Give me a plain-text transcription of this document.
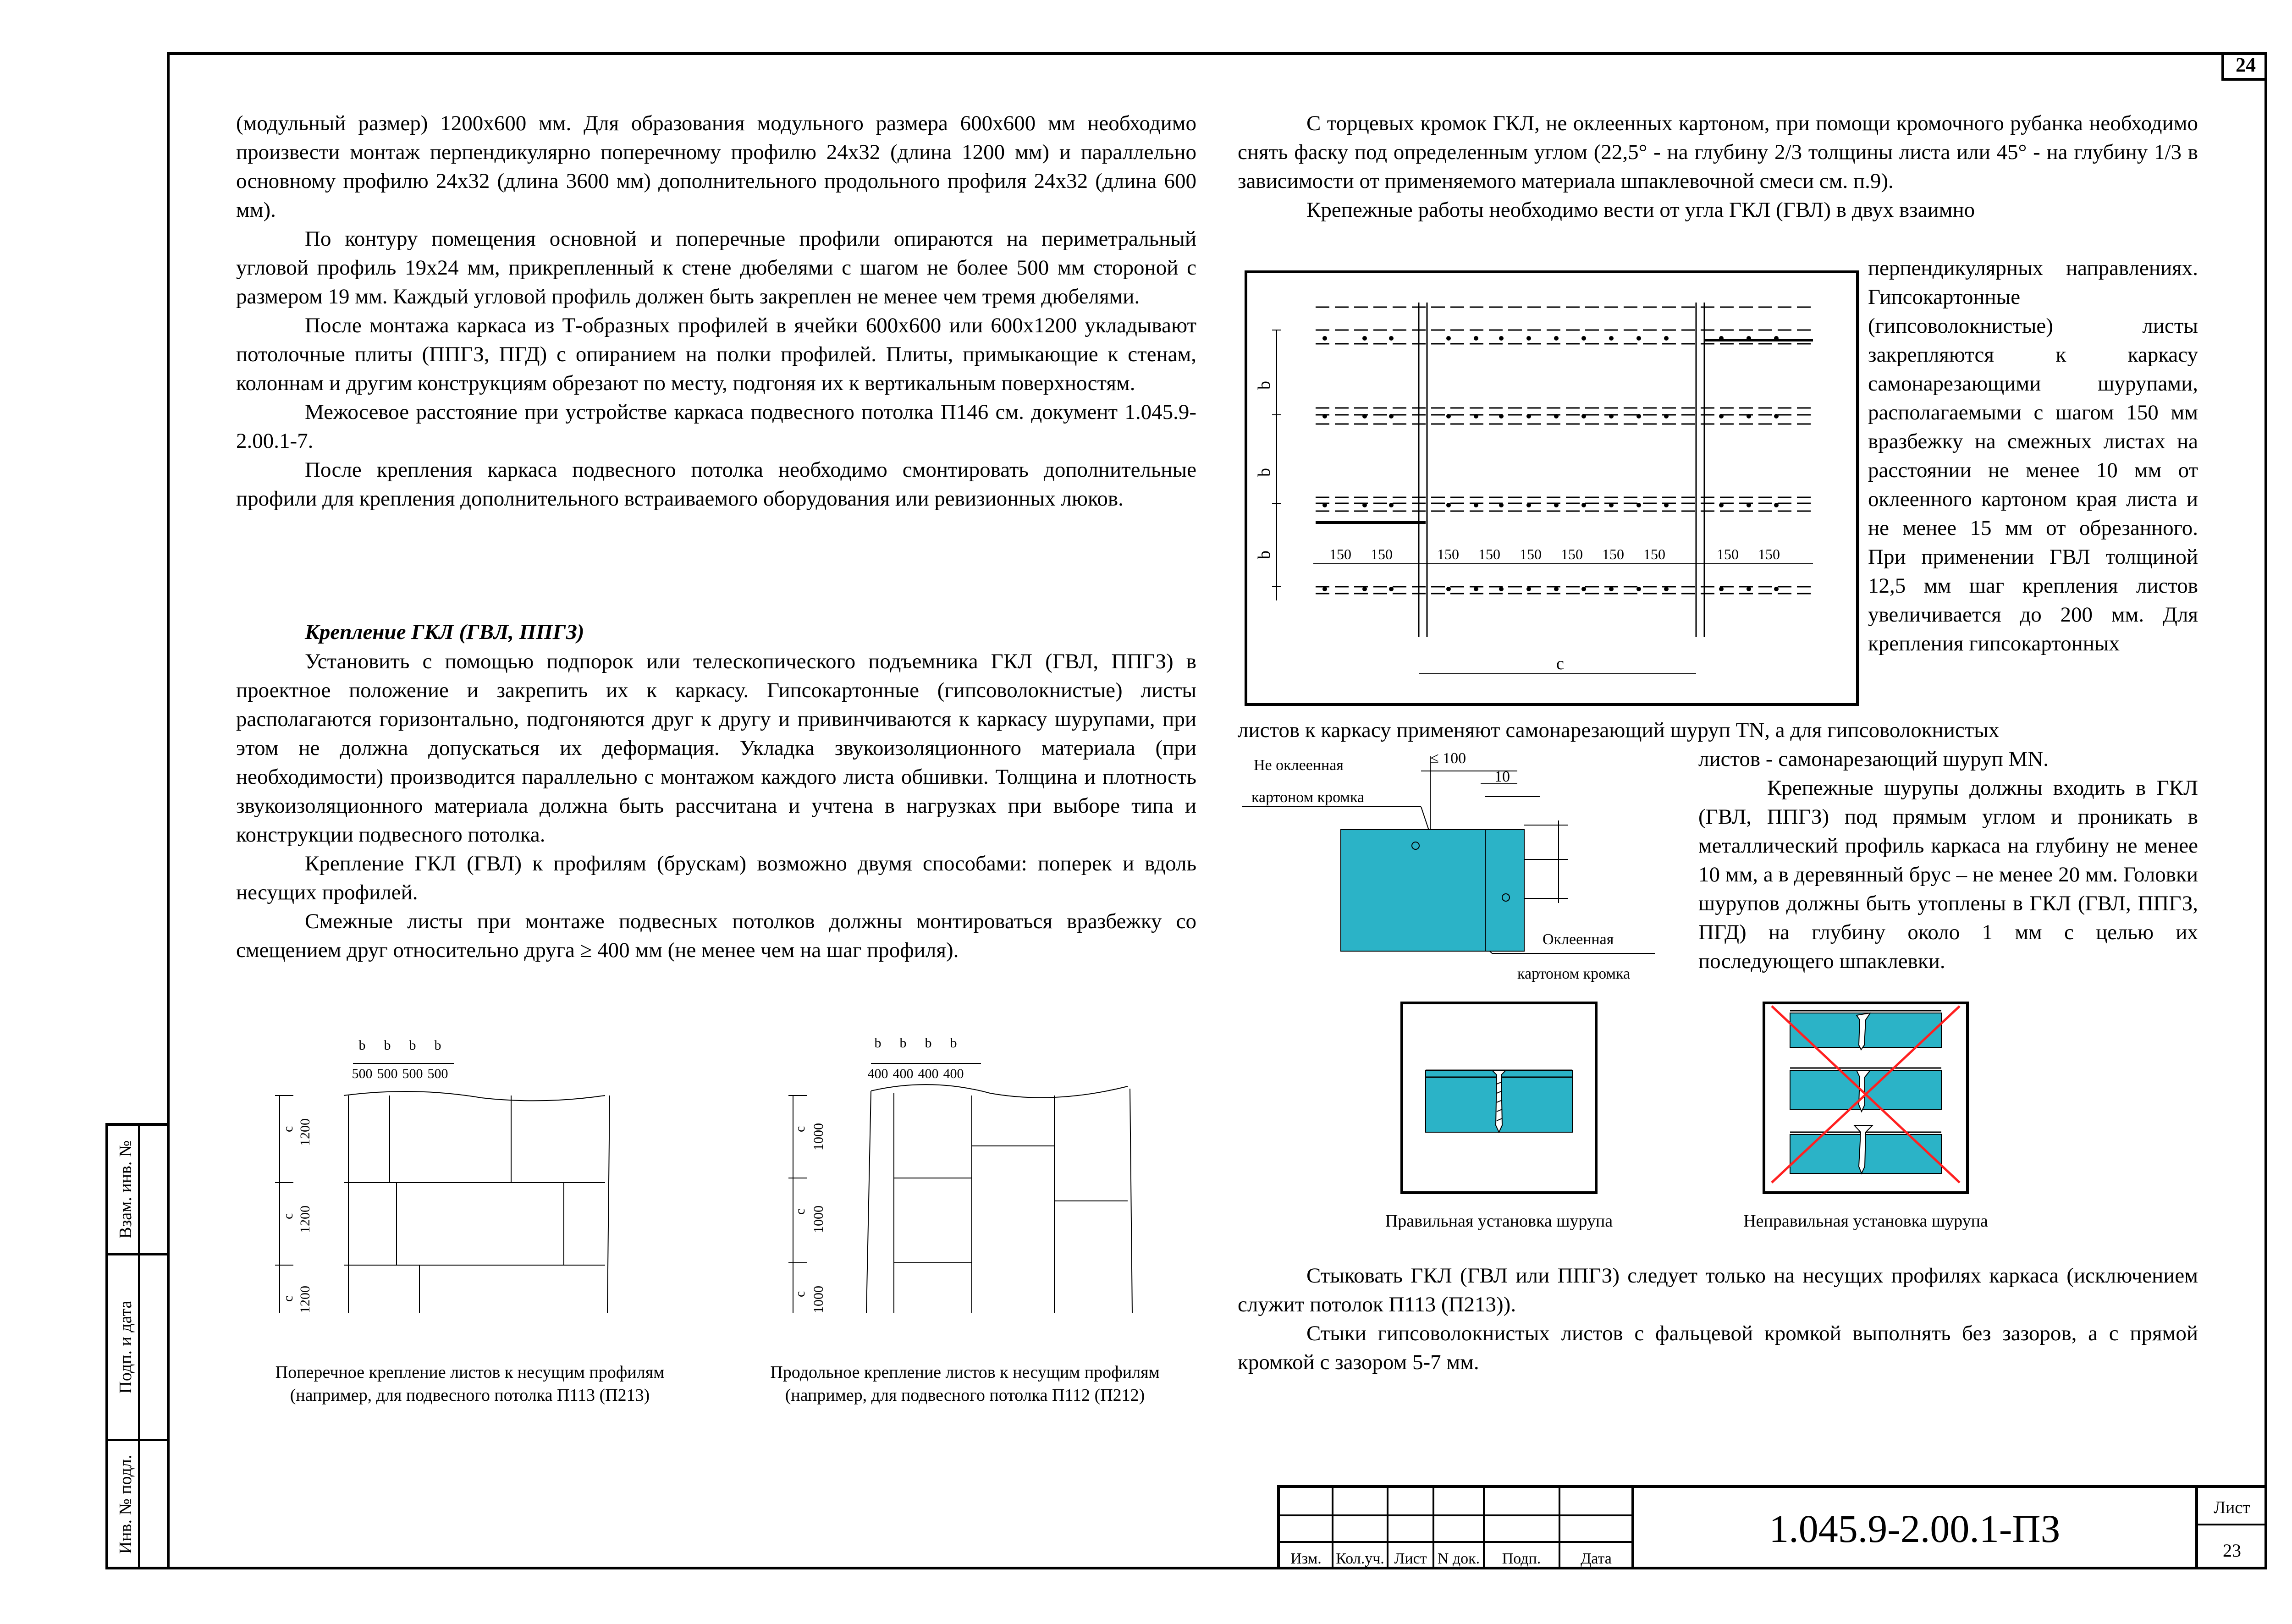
24

(модульный размер) 1200х600 мм. Для образования модульного размера 600х600 мм необходимо произвести монтаж перпендикулярно поперечному профилю 24х32 (длина 1200 мм) и параллельно основному профилю 24х32 (длина 3600 мм) дополнительного продольного профиля 24х32 (длина 600 мм).

По контуру помещения основной и поперечные профили опираются на периметральный угловой профиль 19х24 мм, прикрепленный к стене дюбелями с шагом не более 500 мм стороной с размером 19 мм. Каждый угловой профиль должен быть закреплен не менее чем тремя дюбелями.

После монтажа каркаса из Т-образных профилей в ячейки 600х600 или 600х1200 укладывают потолочные плиты (ППГЗ, ПГД) с опиранием на полки профилей. Плиты, примыкающие к стенам, колоннам и другим конструкциям обрезают по месту, подгоняя их к вертикальным поверхностям.

Межосевое расстояние при устройстве каркаса подвесного потолка П146 см. документ 1.045.9-2.00.1-7.

После крепления каркаса подвесного потолка необходимо смонтировать дополнительные профили для крепления дополнительного встраиваемого оборудования или ревизионных люков.

Крепление ГКЛ (ГВЛ, ППГЗ)

Установить с помощью подпорок или телескопического подъемника ГКЛ (ГВЛ, ППГЗ) в проектное положение и закрепить их к каркасу. Гипсокартонные (гипсоволокнистые) листы располагаются горизонтально, подгоняются друг к другу и привинчиваются к каркасу шурупами, при этом не должна допускаться их деформация. Укладка звукоизоляционного материала (при необходимости) производится параллельно с монтажом каждого листа обшивки. Толщина и плотность звукоизоляционного материала должна быть рассчитана и учтена в нагрузках при выборе типа и конструкции подвесного потолка.

Крепление ГКЛ (ГВЛ) к профилям (брускам) возможно двумя способами: поперек и вдоль несущих профилей.

Смежные листы при монтаже подвесных потолков должны монтироваться вразбежку со смещением друг относительно друга ≥ 400 мм (не менее чем на шаг профиля).

С торцевых кромок ГКЛ, не оклеенных картоном, при помощи кромочного рубанка необходимо снять фаску под определенным углом (22,5° - на глубину 2/3 толщины листа или 45° - на глубину 1/3 в зависимости от применяемого материала шпаклевочной смеси см. п.9).

Крепежные работы необходимо вести от угла ГКЛ (ГВЛ) в двух взаимно

перпендикулярных направлениях. Гипсокартонные (гипсоволокнистые) листы закрепляются к каркасу самонарезающими шурупами, располагаемыми с шагом 150 мм вразбежку на смежных листах на расстоянии не менее 10 мм от оклеенного картоном края листа и не менее 15 мм от обрезанного. При применении ГВЛ толщиной 12,5 мм шаг крепления листов увеличивается до 200 мм. Для крепления гипсокартонных
листов к каркасу применяют самонарезающий шуруп TN, а для гипсоволокнистых
листов - самонарезающий шуруп MN.
Крепежные шурупы должны входить в ГКЛ (ГВЛ, ППГЗ) под прямым углом и проникать в металлический профиль каркаса на глубину не менее 10 мм, а в деревянный брус – не менее 20 мм. Головки шурупов должны быть утоплены в ГКЛ (ГВЛ, ППГЗ, ПГД) на глубину около 1 мм с целью их последующего шпаклевки.

Стыковать ГКЛ (ГВЛ или ППГЗ) следует только на несущих профилях каркаса (исключением служит потолок П113 (П213)).

Стыки гипсоволокнистых листов с фальцевой кромкой выполнять без зазоров, а с прямой кромкой с зазором 5-7 мм.

b
b
b
c
150 150	150 150 150 150 150 150	150 150
Не оклеенная
картоном кромка
≤ 100
10
Оклеенная
картоном кромка
Правильная установка шурупа	Неправильная установка шурупа
b b b b
500 500 500 500
c 1200
c 1200
c 1200
Поперечное крепление листов к несущим профилям
(например, для подвесного потолка П113 (П213)
b b b b
400 400 400 400
c 1000
c 1000
c 1000
Продольное крепление листов к несущим профилям
(например, для подвесного потолка П112 (П212)
Взам. инв. №
Подп. и дата
Инв. № подл.
Изм. Кол.уч. Лист N док. Подп.	Дата
1.045.9-2.00.1-ПЗ	Лист
23
